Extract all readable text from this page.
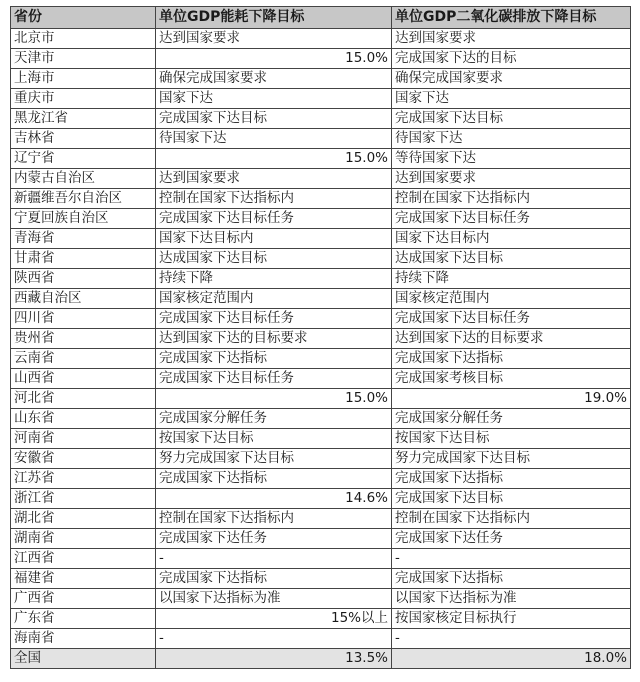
省份	单位GDP能耗下降目标	单位GDP二氧化碳排放下降目标
北京市	达到国家要求	达到国家要求
天津市	15.0%	完成国家下达的目标
上海市	确保完成国家要求	确保完成国家要求
重庆市	国家下达	国家下达
黑龙江省	完成国家下达目标	完成国家下达目标
吉林省	待国家下达	待国家下达
辽宁省	15.0%	等待国家下达
内蒙古自治区	达到国家要求	达到国家要求
新疆维吾尔自治区	控制在国家下达指标内	控制在国家下达指标内
宁夏回族自治区	完成国家下达目标任务	完成国家下达目标任务
青海省	国家下达目标内	国家下达目标内
甘肃省	达成国家下达目标	达成国家下达目标
陕西省	持续下降	持续下降
西藏自治区	国家核定范围内	国家核定范围内
四川省	完成国家下达目标任务	完成国家下达目标任务
贵州省	达到国家下达的目标要求	达到国家下达的目标要求
云南省	完成国家下达指标	完成国家下达指标
山西省	完成国家下达目标任务	完成国家考核目标
河北省	15.0%	19.0%
山东省	完成国家分解任务	完成国家分解任务
河南省	按国家下达目标	按国家下达目标
安徽省	努力完成国家下达目标	努力完成国家下达目标
江苏省	完成国家下达指标	完成国家下达指标
浙江省	14.6%	完成国家下达目标
湖北省	控制在国家下达指标内	控制在国家下达指标内
湖南省	完成国家下达任务	完成国家下达任务
江西省	-	-
福建省	完成国家下达指标	完成国家下达指标
广西省	以国家下达指标为准	以国家下达指标为准
广东省	15%以上	按国家核定目标执行
海南省	-	-
全国	13.5%	18.0%
